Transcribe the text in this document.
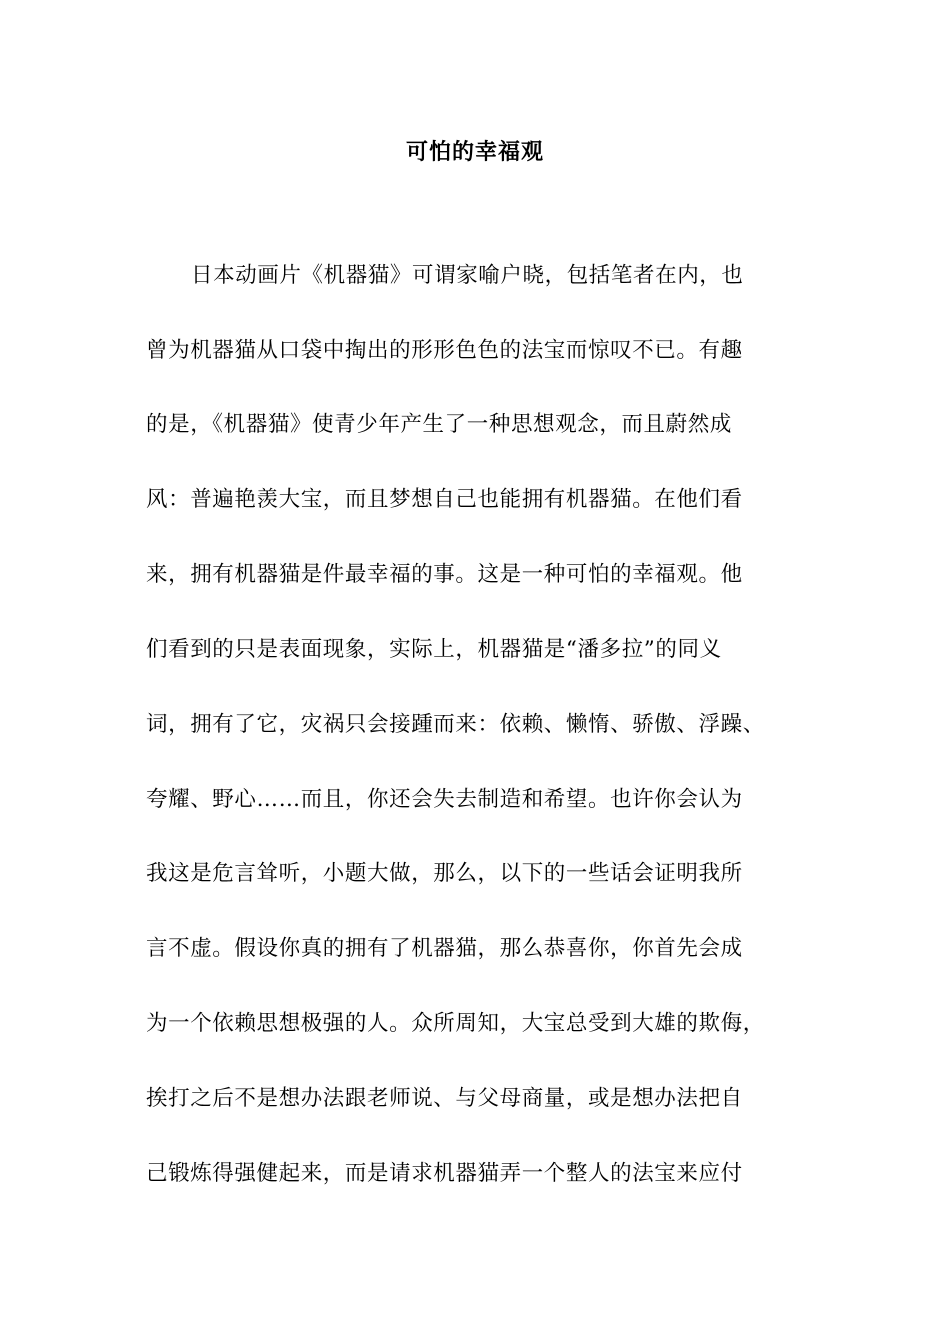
可怕的幸福观
日本动画片《机器猫》可谓家喻户晓，包括笔者在内，也
曾为机器猫从口袋中掏出的形形色色的法宝而惊叹不已。有趣
的是，《机器猫》使青少年产生了一种思想观念，而且蔚然成
风：普遍艳羡大宝，而且梦想自己也能拥有机器猫。在他们看
来，拥有机器猫是件最幸福的事。这是一种可怕的幸福观。他
们看到的只是表面现象，实际上，机器猫是“潘多拉”的同义
词，拥有了它，灾祸只会接踵而来：依赖、懒惰、骄傲、浮躁、
夸耀、野心……而且，你还会失去制造和希望。也许你会认为
我这是危言耸听，小题大做，那么，以下的一些话会证明我所
言不虚。假设你真的拥有了机器猫，那么恭喜你，你首先会成
为一个依赖思想极强的人。众所周知，大宝总受到大雄的欺侮，
挨打之后不是想办法跟老师说、与父母商量，或是想办法把自
己锻炼得强健起来，而是请求机器猫弄一个整人的法宝来应付
